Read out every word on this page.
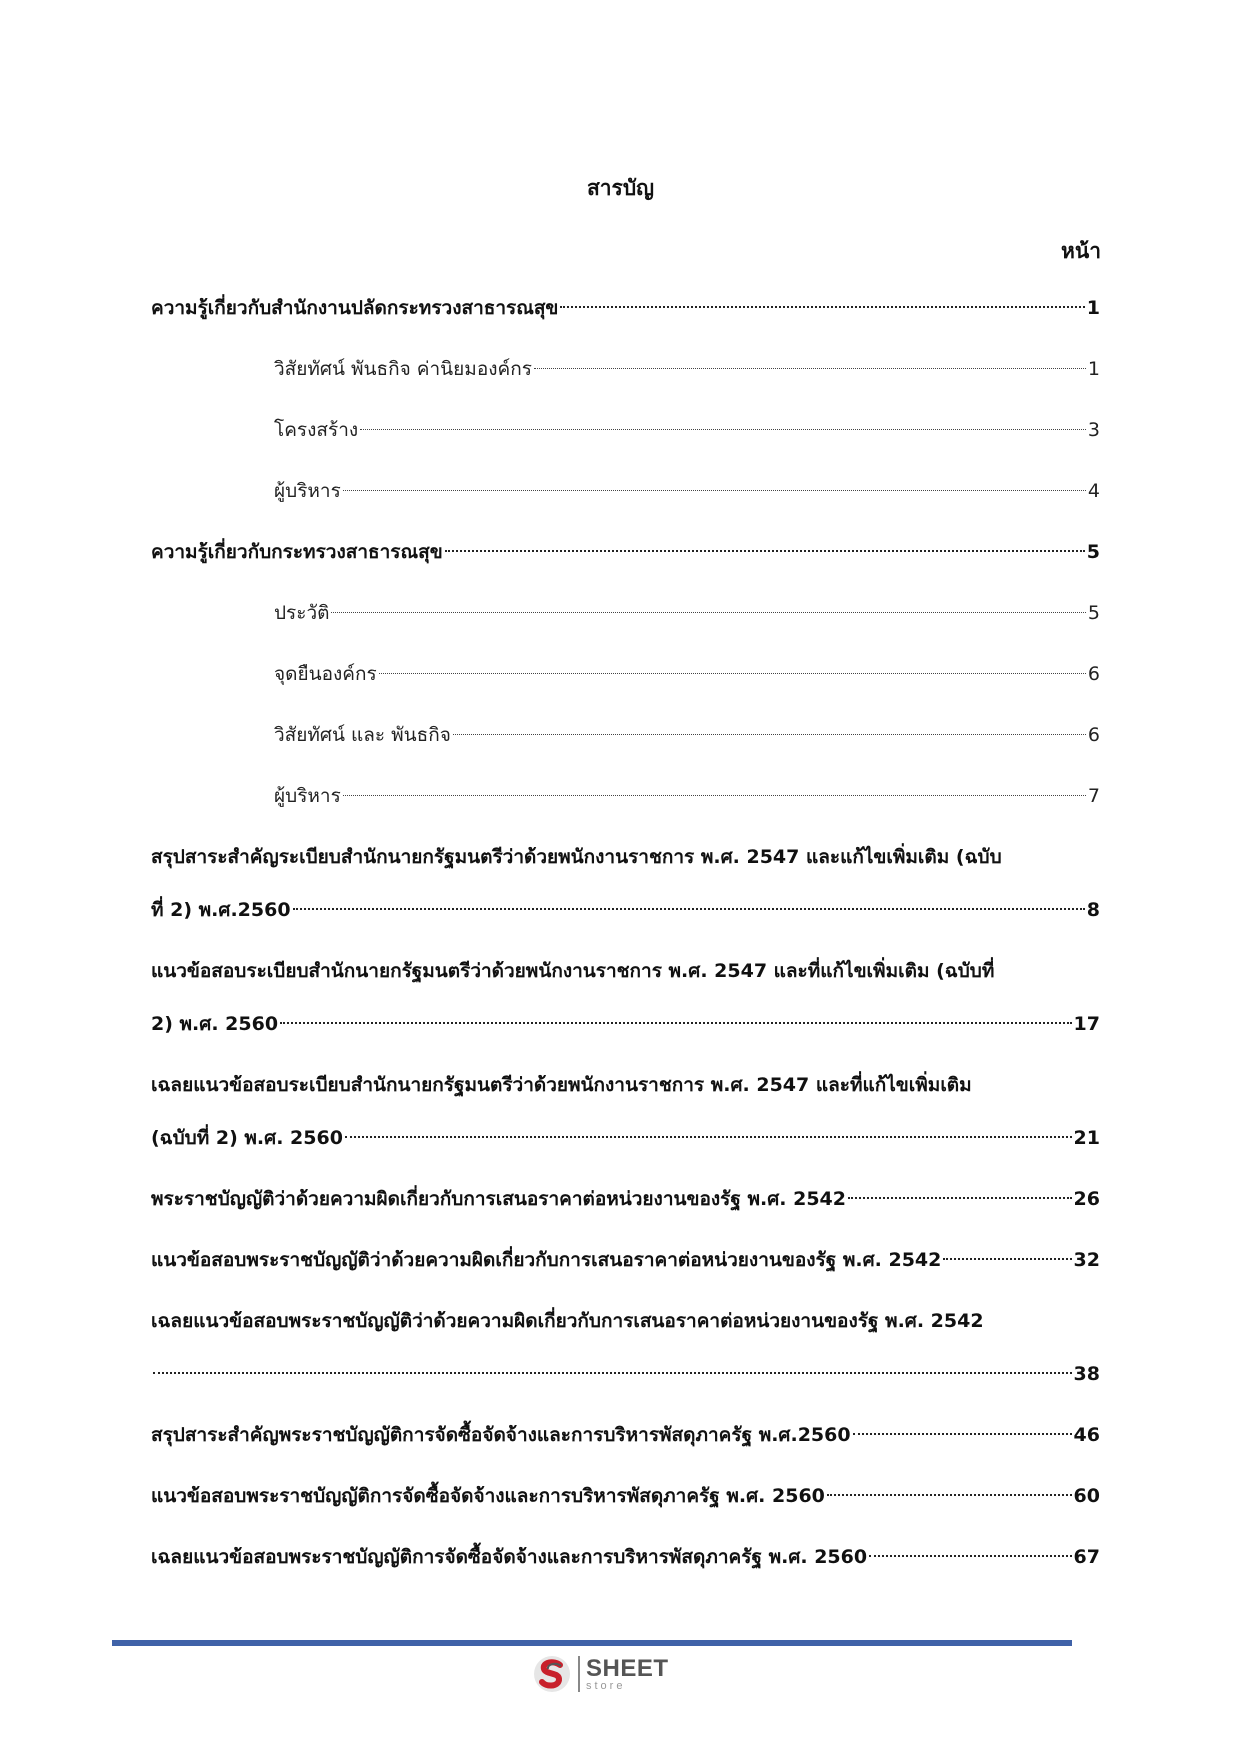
สารบัญ
หน้า
ความรู้เกี่ยวกับสำนักงานปลัดกระทรวงสาธารณสุข	1
วิสัยทัศน์ พันธกิจ ค่านิยมองค์กร	1
โครงสร้าง	3
ผู้บริหาร	4
ความรู้เกี่ยวกับกระทรวงสาธารณสุข	5
ประวัติ	5
จุดยืนองค์กร	6
วิสัยทัศน์ และ พันธกิจ	6
ผู้บริหาร	7
สรุปสาระสำคัญระเบียบสำนักนายกรัฐมนตรีว่าด้วยพนักงานราชการ พ.ศ. 2547 และแก้ไขเพิ่มเติม (ฉบับ
ที่ 2) พ.ศ.2560	8
แนวข้อสอบระเบียบสำนักนายกรัฐมนตรีว่าด้วยพนักงานราชการ พ.ศ. 2547 และที่แก้ไขเพิ่มเติม (ฉบับที่
2) พ.ศ. 2560	17
เฉลยแนวข้อสอบระเบียบสำนักนายกรัฐมนตรีว่าด้วยพนักงานราชการ พ.ศ. 2547 และที่แก้ไขเพิ่มเติม
(ฉบับที่ 2) พ.ศ. 2560	21
พระราชบัญญัติว่าด้วยความผิดเกี่ยวกับการเสนอราคาต่อหน่วยงานของรัฐ พ.ศ. 2542	26
แนวข้อสอบพระราชบัญญัติว่าด้วยความผิดเกี่ยวกับการเสนอราคาต่อหน่วยงานของรัฐ พ.ศ. 2542	32
เฉลยแนวข้อสอบพระราชบัญญัติว่าด้วยความผิดเกี่ยวกับการเสนอราคาต่อหน่วยงานของรัฐ พ.ศ. 2542
38
สรุปสาระสำคัญพระราชบัญญัติการจัดซื้อจัดจ้างและการบริหารพัสดุภาครัฐ พ.ศ.2560	46
แนวข้อสอบพระราชบัญญัติการจัดซื้อจัดจ้างและการบริหารพัสดุภาครัฐ พ.ศ. 2560	60
เฉลยแนวข้อสอบพระราชบัญญัติการจัดซื้อจัดจ้างและการบริหารพัสดุภาครัฐ พ.ศ. 2560	67
SHEET
store
